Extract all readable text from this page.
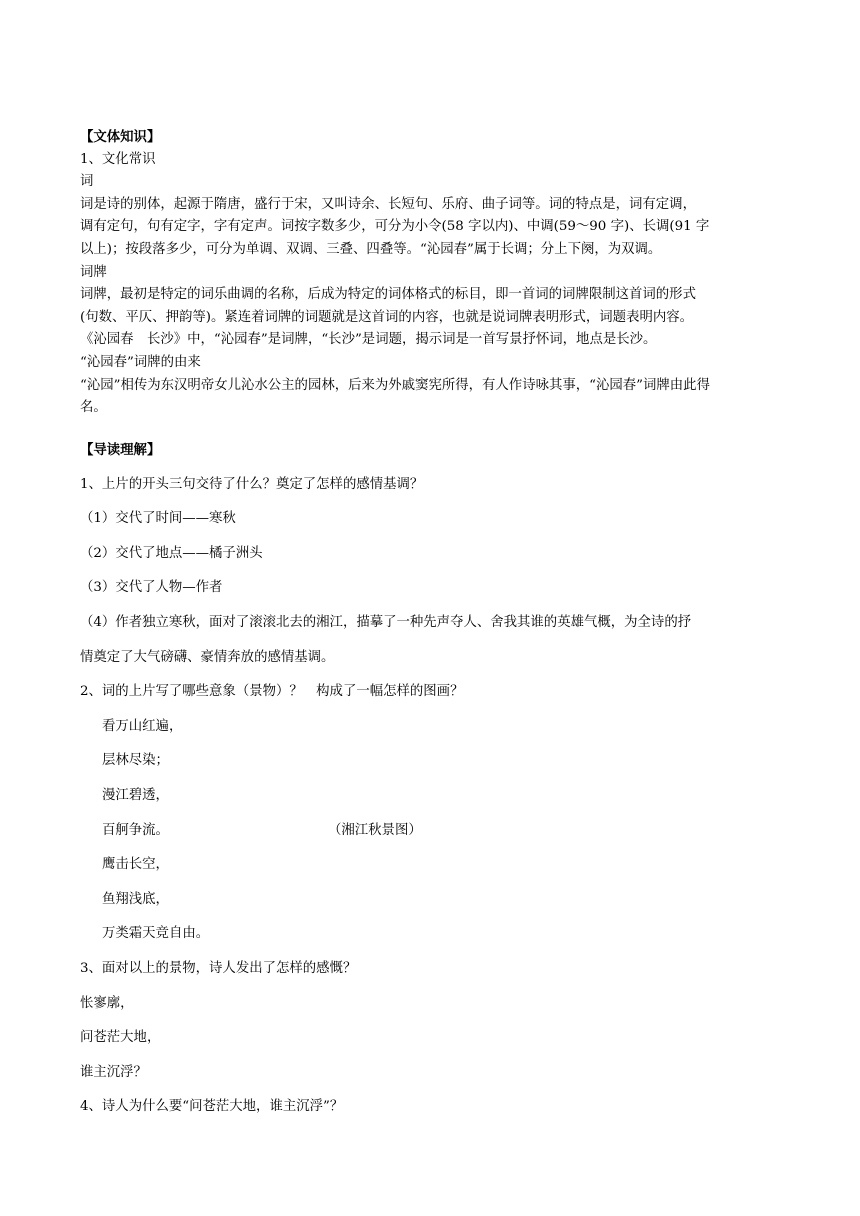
【文体知识】

1、文化常识

词

词是诗的别体，起源于隋唐，盛行于宋，又叫诗余、长短句、乐府、曲子词等。词的特点是，词有定调，

调有定句，句有定字，字有定声。词按字数多少，可分为小令(58 字以内)、中调(59～90 字)、长调(91 字

以上)；按段落多少，可分为单调、双调、三叠、四叠等。“沁园春”属于长调；分上下阕，为双调。

词牌

词牌，最初是特定的词乐曲调的名称，后成为特定的词体格式的标目，即一首词的词牌限制这首词的形式

(句数、平仄、押韵等)。紧连着词牌的词题就是这首词的内容，也就是说词牌表明形式，词题表明内容。

《沁园春　长沙》中，“沁园春”是词牌，“长沙”是词题，揭示词是一首写景抒怀词，地点是长沙。

“沁园春”词牌的由来

“沁园”相传为东汉明帝女儿沁水公主的园林，后来为外戚窦宪所得，有人作诗咏其事，“沁园春”词牌由此得

名。

【导读理解】

1、上片的开头三句交待了什么？奠定了怎样的感情基调？

（1）交代了时间——寒秋

（2）交代了地点——橘子洲头

（3）交代了人物—作者

（4）作者独立寒秋，面对了滚滚北去的湘江，描摹了一种先声夺人、舍我其谁的英雄气概，为全诗的抒

情奠定了大气磅礴、豪情奔放的感情基调。

2、词的上片写了哪些意象（景物）？　构成了一幅怎样的图画？

看万山红遍，

层林尽染；

漫江碧透，

百舸争流。	（湘江秋景图）

鹰击长空，

鱼翔浅底，

万类霜天竞自由。

3、面对以上的景物，诗人发出了怎样的感慨？

怅寥廓，

问苍茫大地，

谁主沉浮？

4、诗人为什么要“问苍茫大地，谁主沉浮”？
